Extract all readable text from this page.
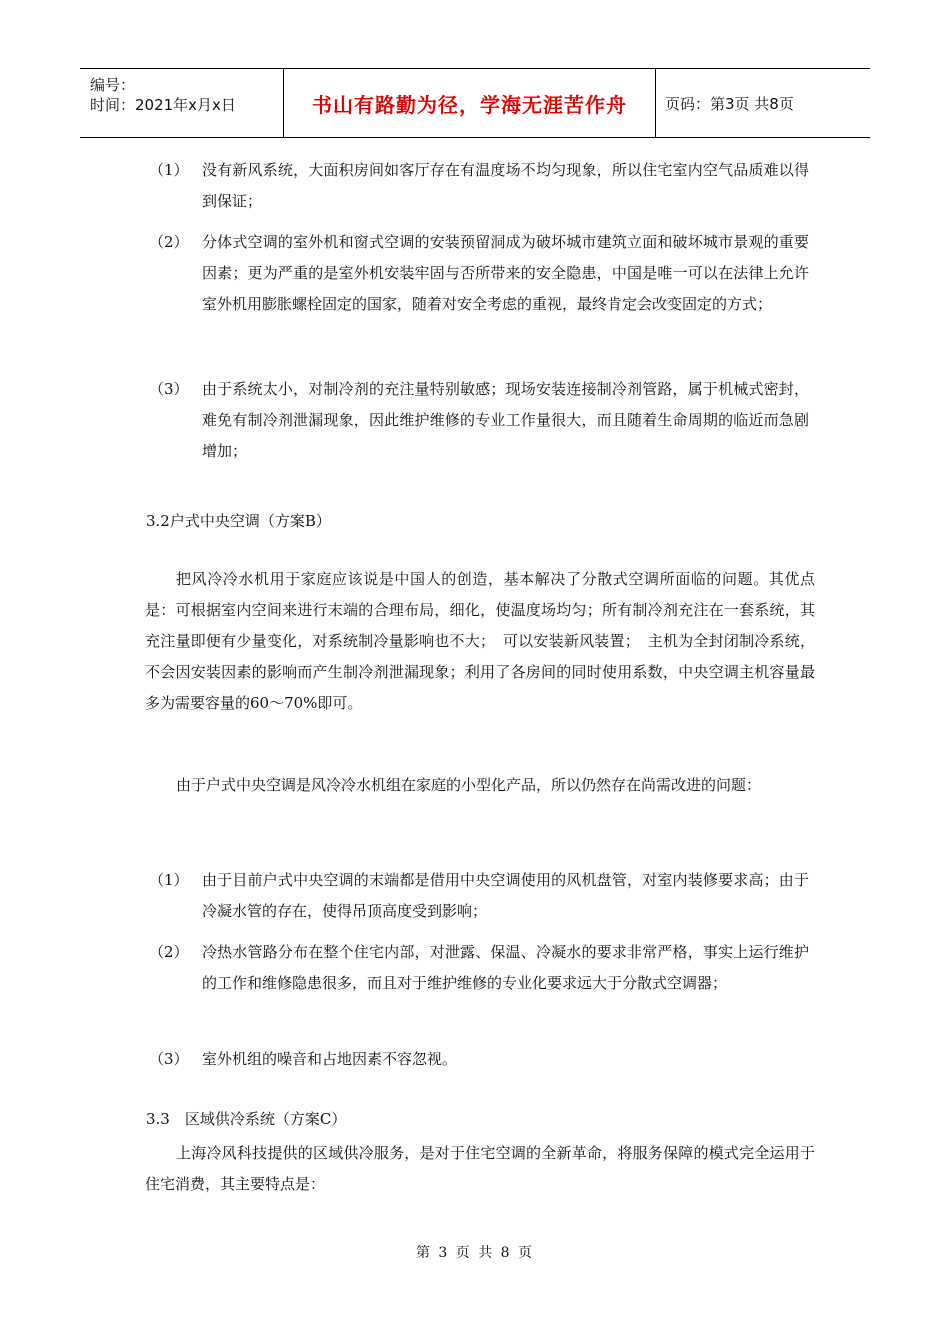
编号：
时间：2021年x月x日	书山有路勤为径，学海无涯苦作舟	页码：第3页 共8页
（1） 没有新风系统，大面积房间如客厅存在有温度场不均匀现象，所以住宅室内空气品质难以得到保证；
（2） 分体式空调的室外机和窗式空调的安装预留洞成为破坏城市建筑立面和破坏城市景观的重要因素；更为严重的是室外机安装牢固与否所带来的安全隐患，中国是唯一可以在法律上允许室外机用膨胀螺栓固定的国家，随着对安全考虑的重视，最终肯定会改变固定的方式；
（3） 由于系统太小，对制冷剂的充注量特别敏感；现场安装连接制冷剂管路，属于机械式密封，难免有制冷剂泄漏现象，因此维护维修的专业工作量很大，而且随着生命周期的临近而急剧增加；
3.2户式中央空调（方案B）
把风冷冷水机用于家庭应该说是中国人的创造，基本解决了分散式空调所面临的问题。其优点是：可根据室内空间来进行末端的合理布局，细化，使温度场均匀；所有制冷剂充注在一套系统，其充注量即便有少量变化，对系统制冷量影响也不大；　可以安装新风装置；　主机为全封闭制冷系统，不会因安装因素的影响而产生制冷剂泄漏现象；利用了各房间的同时使用系数，中央空调主机容量最多为需要容量的60～70%即可。
由于户式中央空调是风冷冷水机组在家庭的小型化产品，所以仍然存在尚需改进的问题：
（1） 由于目前户式中央空调的末端都是借用中央空调使用的风机盘管，对室内装修要求高；由于冷凝水管的存在，使得吊顶高度受到影响；
（2） 冷热水管路分布在整个住宅内部，对泄露、保温、冷凝水的要求非常严格，事实上运行维护的工作和维修隐患很多，而且对于维护维修的专业化要求远大于分散式空调器；
（3） 室外机组的噪音和占地因素不容忽视。
3.3　区域供冷系统（方案C）
上海冷风科技提供的区域供冷服务，是对于住宅空调的全新革命，将服务保障的模式完全运用于住宅消费，其主要特点是：
第 3 页 共 8 页
